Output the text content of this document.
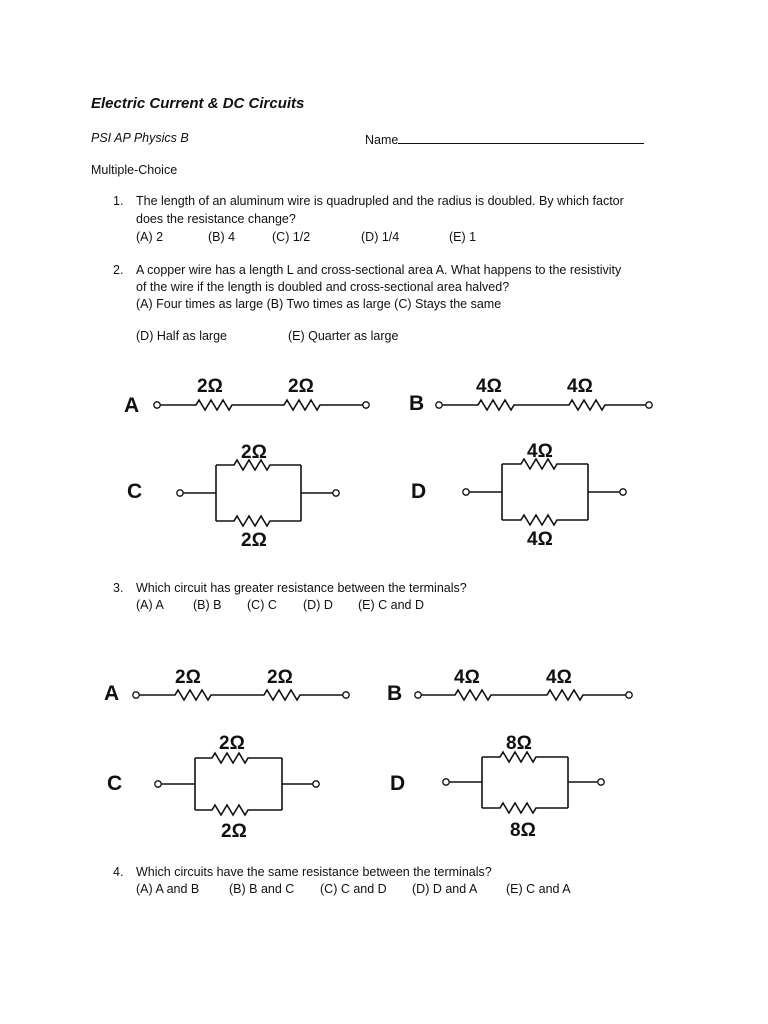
Electric Current & DC Circuits
PSI AP Physics B	Name
Multiple-Choice
1. The length of an aluminum wire is quadrupled and the radius is doubled. By which factor
does the resistance change?
(A) 2	(B) 4	(C) 1/2	(D) 1/4	(E) 1
2. A copper wire has a length L and cross-sectional area A. What happens to the resistivity
of the wire if the length is doubled and cross-sectional area halved?
(A) Four times as large (B) Two times as large (C) Stays the same
(D) Half as large	(E) Quarter as large
A
2Ω	2Ω
B
4Ω	4Ω
C
2Ω
2Ω
D
4Ω
4Ω
3. Which circuit has greater resistance between the terminals?
(A) A (B) B (C) C (D) D (E) C and D
A
2Ω	2Ω
B
4Ω	4Ω
C
2Ω
2Ω
D
8Ω
8Ω
4. Which circuits have the same resistance between the terminals?
(A) A and B (B) B and C (C) C and D (D) D and A (E) C and A
